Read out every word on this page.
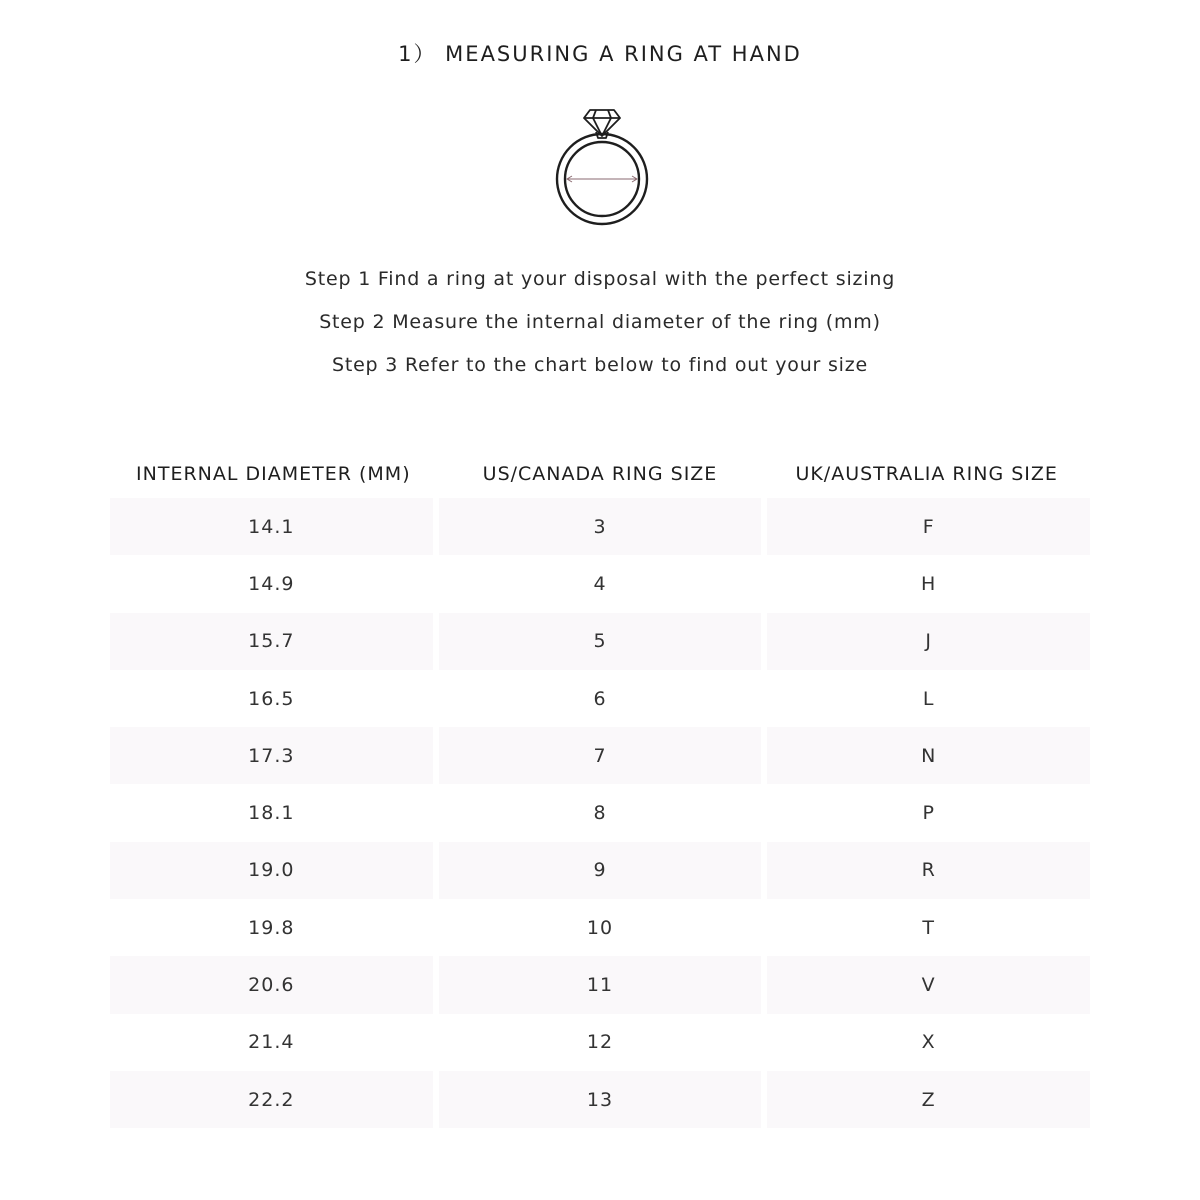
1） MEASURING A RING AT HAND
Step 1 Find a ring at your disposal with the perfect sizing
Step 2 Measure the internal diameter of the ring (mm)
Step 3 Refer to the chart below to find out your size
INTERNAL DIAMETER (MM)	US/CANADA RING SIZE	UK/AUSTRALIA RING SIZE
14.1	3	F
14.9	4	H
15.7	5	J
16.5	6	L
17.3	7	N
18.1	8	P
19.0	9	R
19.8	10	T
20.6	11	V
21.4	12	X
22.2	13	Z
